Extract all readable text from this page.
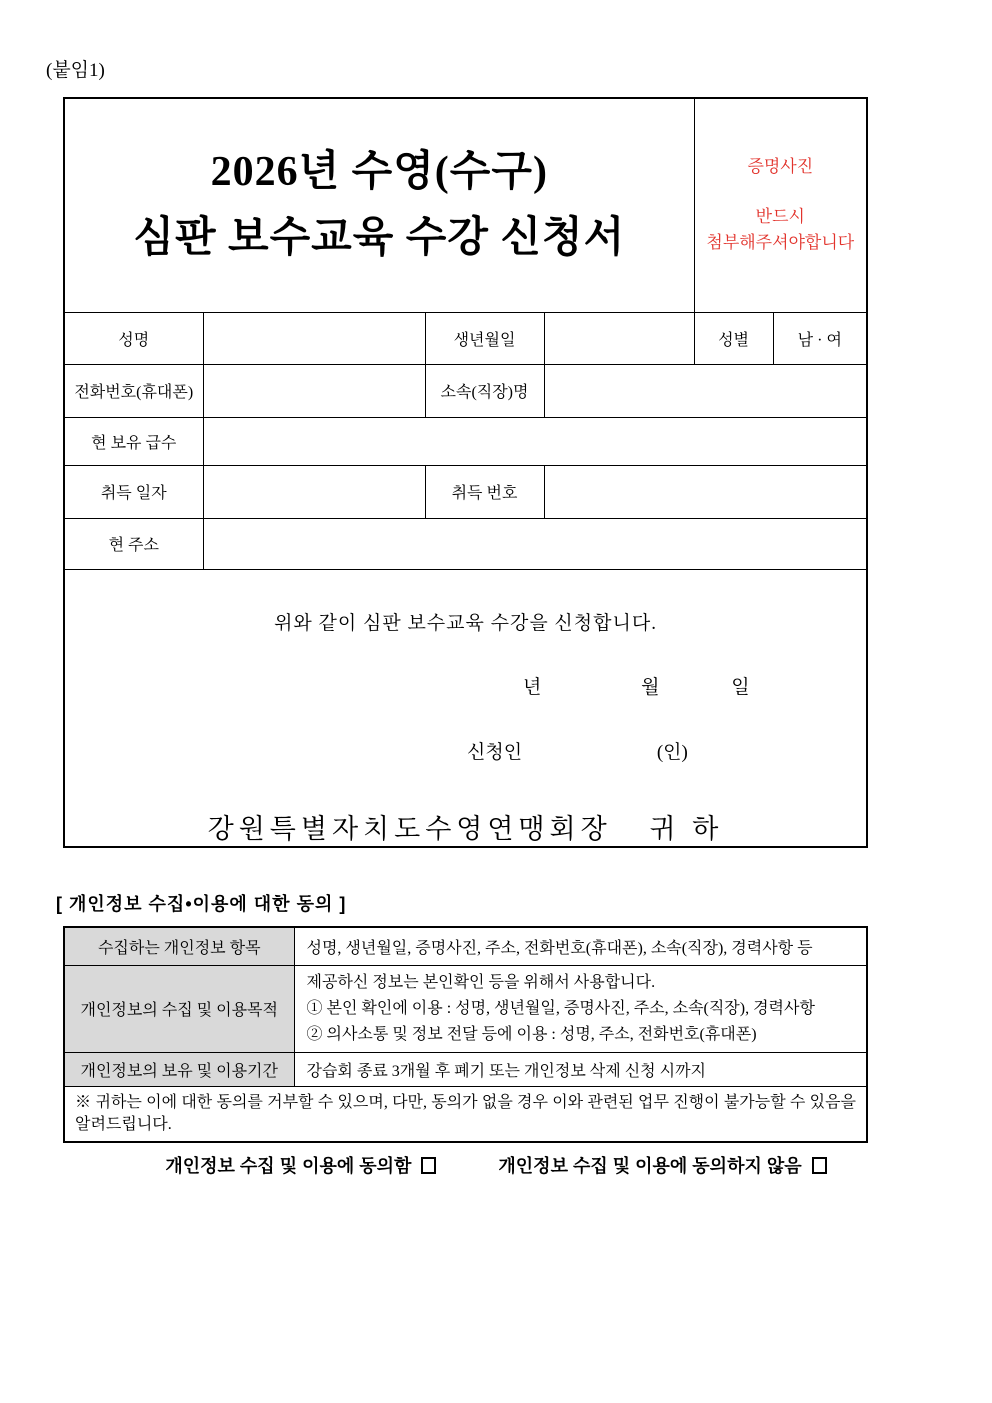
(붙임1)
2026년 수영(수구)
심판 보수교육 수강 신청서

증명사진
반드시
첨부해주셔야합니다

성명		생년월일		성별	남 · 여
전화번호(휴대폰)		소속(직장)명			
현 보유 급수					
취득 일자		취득 번호			
현 주소					

위와 같이 심판 보수교육 수강을 신청합니다.
년 월 일
신청인 (인)
강원특별자치도수영연맹회장 귀 하					
[ 개인정보 수집•이용에 대한 동의 ]
수집하는 개인정보 항목	성명, 생년월일, 증명사진, 주소, 전화번호(휴대폰), 소속(직장), 경력사항 등
개인정보의 수집 및 이용목적	제공하신 정보는 본인확인 등을 위해서 사용합니다.
① 본인 확인에 이용 : 성명, 생년월일, 증명사진, 주소, 소속(직장), 경력사항
② 의사소통 및 정보 전달 등에 이용 : 성명, 주소, 전화번호(휴대폰)

개인정보의 보유 및 이용기간	강습회 종료 3개월 후 폐기 또는 개인정보 삭제 신청 시까지
※ 귀하는 이에 대한 동의를 거부할 수 있으며, 다만, 동의가 없을 경우 이와 관련된 업무 진행이 불가능할 수 있음을 알려드립니다.	
개인정보 수집 및 이용에 동의함	개인정보 수집 및 이용에 동의하지 않음
